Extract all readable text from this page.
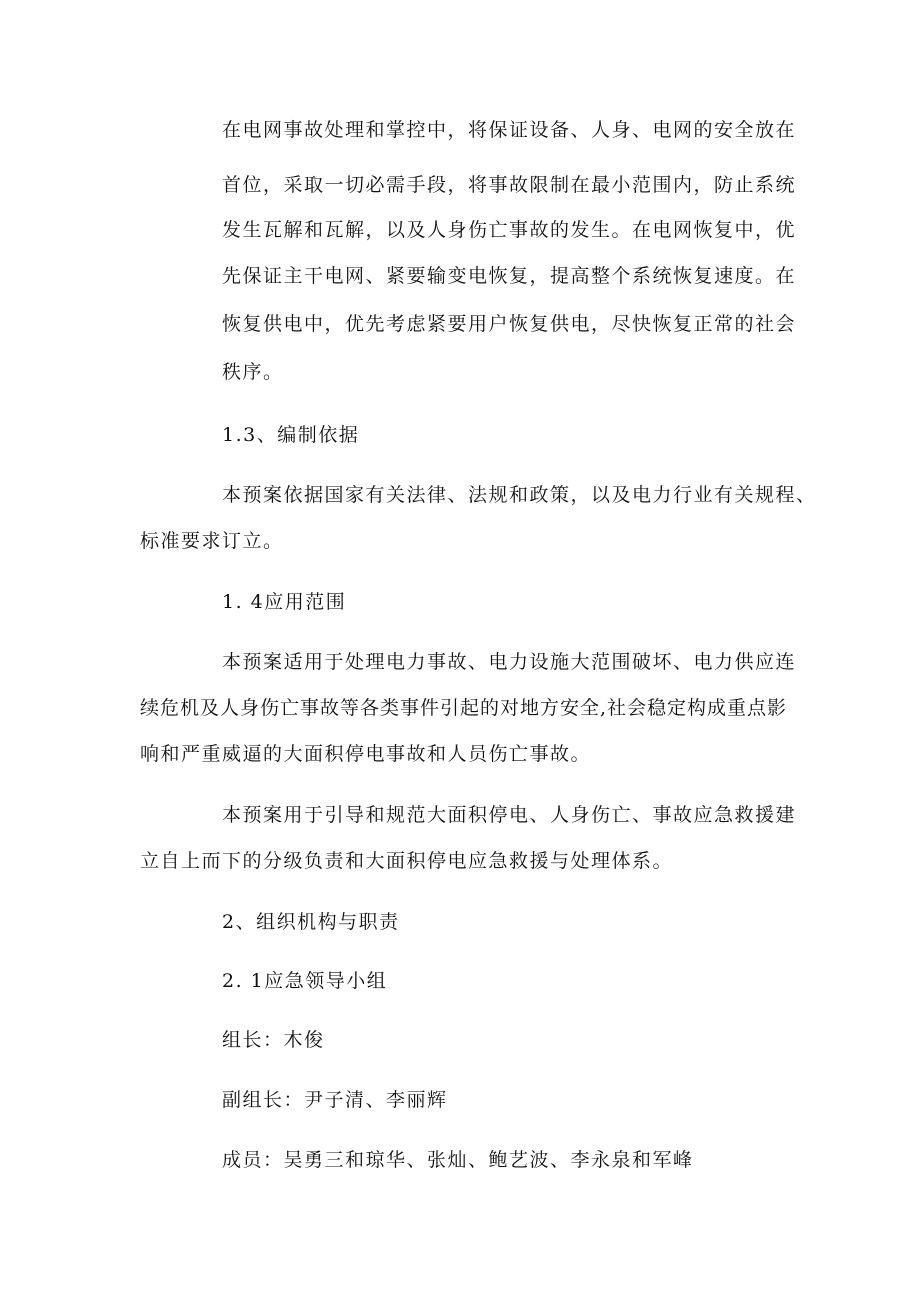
在电网事故处理和掌控中，将保证设备、人身、电网的安全放在
首位，采取一切必需手段，将事故限制在最小范围内，防止系统
发生瓦解和瓦解，以及人身伤亡事故的发生。在电网恢复中，优
先保证主干电网、紧要输变电恢复，提高整个系统恢复速度。在
恢复供电中，优先考虑紧要用户恢复供电，尽快恢复正常的社会
秩序。
1.3、编制依据
本预案依据国家有关法律、法规和政策，以及电力行业有关规程、
标准要求订立。
1. 4应用范围
本预案适用于处理电力事故、电力设施大范围破坏、电力供应连
续危机及人身伤亡事故等各类事件引起的对地方安全,社会稳定构成重点影
响和严重威逼的大面积停电事故和人员伤亡事故。
本预案用于引导和规范大面积停电、人身伤亡、事故应急救援建
立自上而下的分级负责和大面积停电应急救援与处理体系。
2、组织机构与职责
2. 1应急领导小组
组长：木俊
副组长：尹子清、李丽辉
成员：吴勇三和琼华、张灿、鲍艺波、李永泉和军峰
